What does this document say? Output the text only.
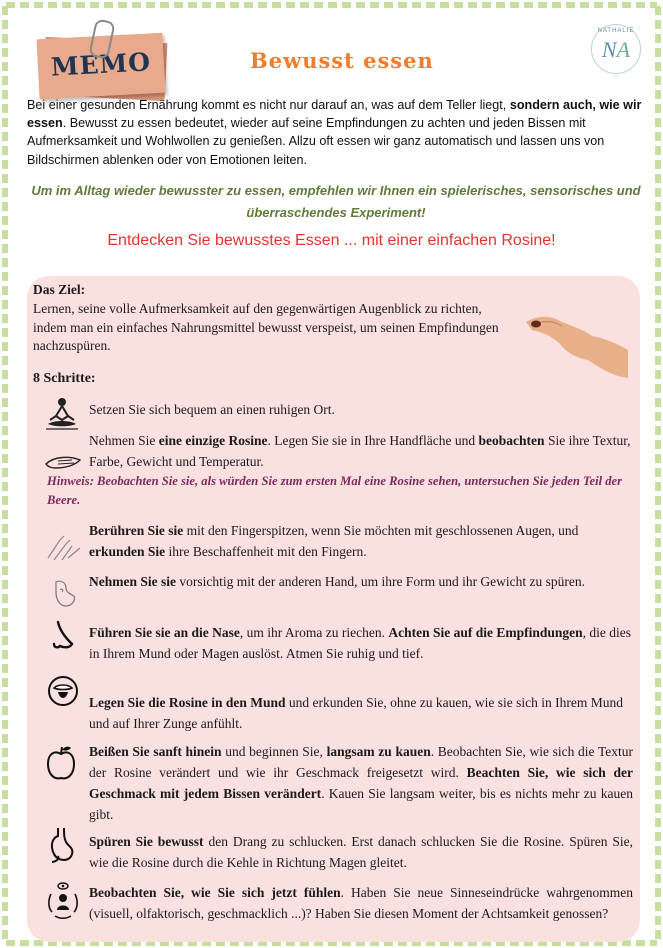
MEMO	Bewusst essen
NATHALIE
NA
Bei einer gesunden Ernährung kommt es nicht nur darauf an, was auf dem Teller liegt, sondern auch, wie wir essen. Bewusst zu essen bedeutet, wieder auf seine Empfindungen zu achten und jeden Bissen mit Aufmerksamkeit und Wohlwollen zu genießen. Allzu oft essen wir ganz automatisch und lassen uns von Bildschirmen ablenken oder von Emotionen leiten.
Um im Alltag wieder bewusster zu essen, empfehlen wir Ihnen ein spielerisches, sensorisches und überraschendes Experiment!
Entdecken Sie bewusstes Essen ... mit einer einfachen Rosine!
Das Ziel:
Lernen, seine volle Aufmerksamkeit auf den gegenwärtigen Augenblick zu richten, indem man ein einfaches Nahrungsmittel bewusst verspeist, um seinen Empfindungen nachzuspüren.
8 Schritte:
Setzen Sie sich bequem an einen ruhigen Ort.
Nehmen Sie eine einzige Rosine. Legen Sie sie in Ihre Handfläche und beobachten Sie ihre Textur, Farbe, Gewicht und Temperatur.
Hinweis: Beobachten Sie sie, als würden Sie zum ersten Mal eine Rosine sehen, untersuchen Sie jeden Teil der Beere.
Berühren Sie sie mit den Fingerspitzen, wenn Sie möchten mit geschlossenen Augen, und erkunden Sie ihre Beschaffenheit mit den Fingern.
Nehmen Sie sie vorsichtig mit der anderen Hand, um ihre Form und ihr Gewicht zu spüren.
Führen Sie sie an die Nase, um ihr Aroma zu riechen. Achten Sie auf die Empfindungen, die dies in Ihrem Mund oder Magen auslöst. Atmen Sie ruhig und tief.
Legen Sie die Rosine in den Mund und erkunden Sie, ohne zu kauen, wie sie sich in Ihrem Mund und auf Ihrer Zunge anfühlt.
Beißen Sie sanft hinein und beginnen Sie, langsam zu kauen. Beobachten Sie, wie sich die Textur der Rosine verändert und wie ihr Geschmack freigesetzt wird. Beachten Sie, wie sich der Geschmack mit jedem Bissen verändert. Kauen Sie langsam weiter, bis es nichts mehr zu kauen gibt.
Spüren Sie bewusst den Drang zu schlucken. Erst danach schlucken Sie die Rosine. Spüren Sie, wie die Rosine durch die Kehle in Richtung Magen gleitet.
Beobachten Sie, wie Sie sich jetzt fühlen. Haben Sie neue Sinneseindrücke wahrgenommen (visuell, olfaktorisch, geschmacklich ...)? Haben Sie diesen Moment der Achtsamkeit genossen?
